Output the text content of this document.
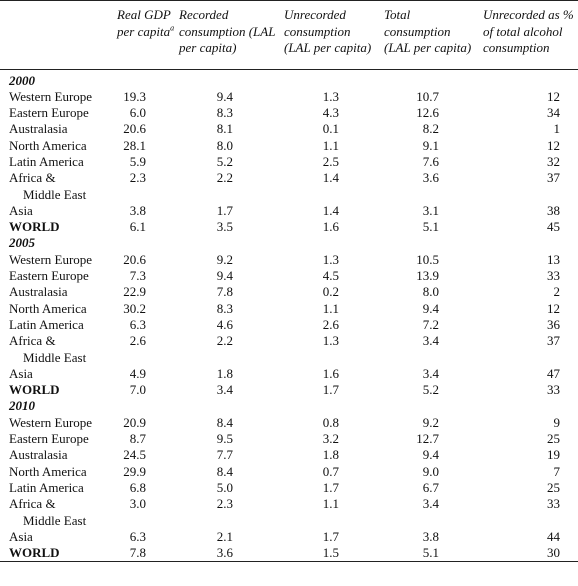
	Real GDP per capita$^a$	Recorded consumption (LAL per capita)	Unrecorded consumption (LAL per capita)	Total consumption (LAL per capita)	Unrecorded as % of total alcohol consumption
2000					
Western Europe	19.3	9.4	1.3	10.7	12
Eastern Europe	6.0	8.3	4.3	12.6	34
Australasia	20.6	8.1	0.1	8.2	1
North America	28.1	8.0	1.1	9.1	12
Latin America	5.9	5.2	2.5	7.6	32
Africa &
Middle East	2.3	2.2	1.4	3.6	37
Asia	3.8	1.7	1.4	3.1	38
WORLD	6.1	3.5	1.6	5.1	45
2005					
Western Europe	20.6	9.2	1.3	10.5	13
Eastern Europe	7.3	9.4	4.5	13.9	33
Australasia	22.9	7.8	0.2	8.0	2
North America	30.2	8.3	1.1	9.4	12
Latin America	6.3	4.6	2.6	7.2	36
Africa &
Middle East	2.6	2.2	1.3	3.4	37
Asia	4.9	1.8	1.6	3.4	47
WORLD	7.0	3.4	1.7	5.2	33
2010					
Western Europe	20.9	8.4	0.8	9.2	9
Eastern Europe	8.7	9.5	3.2	12.7	25
Australasia	24.5	7.7	1.8	9.4	19
North America	29.9	8.4	0.7	9.0	7
Latin America	6.8	5.0	1.7	6.7	25
Africa &
Middle East	3.0	2.3	1.1	3.4	33
Asia	6.3	2.1	1.7	3.8	44
WORLD	7.8	3.6	1.5	5.1	30
